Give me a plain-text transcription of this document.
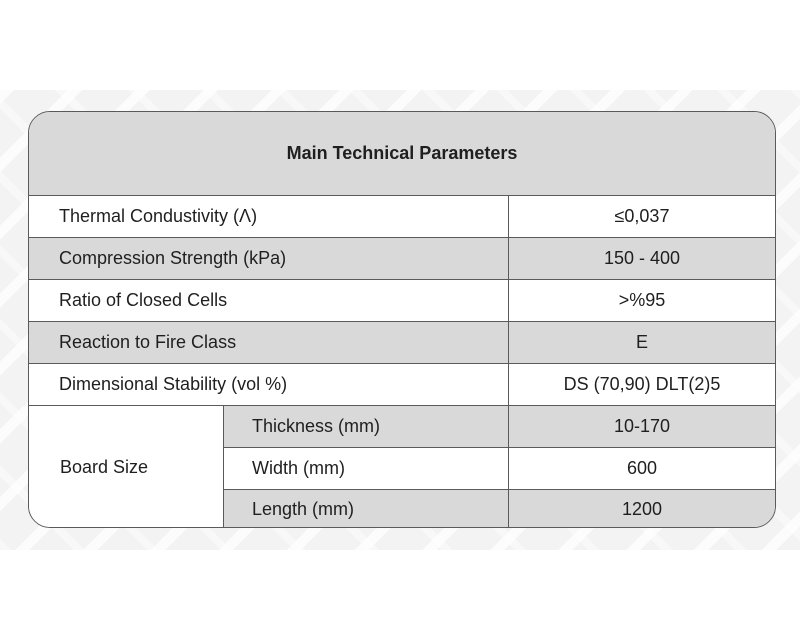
Main Technical Parameters
Thermal Condustivity (Λ)	≤0,037
Compression Strength (kPa)	150 - 400
Ratio of Closed Cells	>%95
Reaction to Fire Class	E
Dimensional Stability (vol %)	DS (70,90) DLT(2)5
Board Size
Thickness (mm)	10-170
Width (mm)	600
Length (mm)	1200
